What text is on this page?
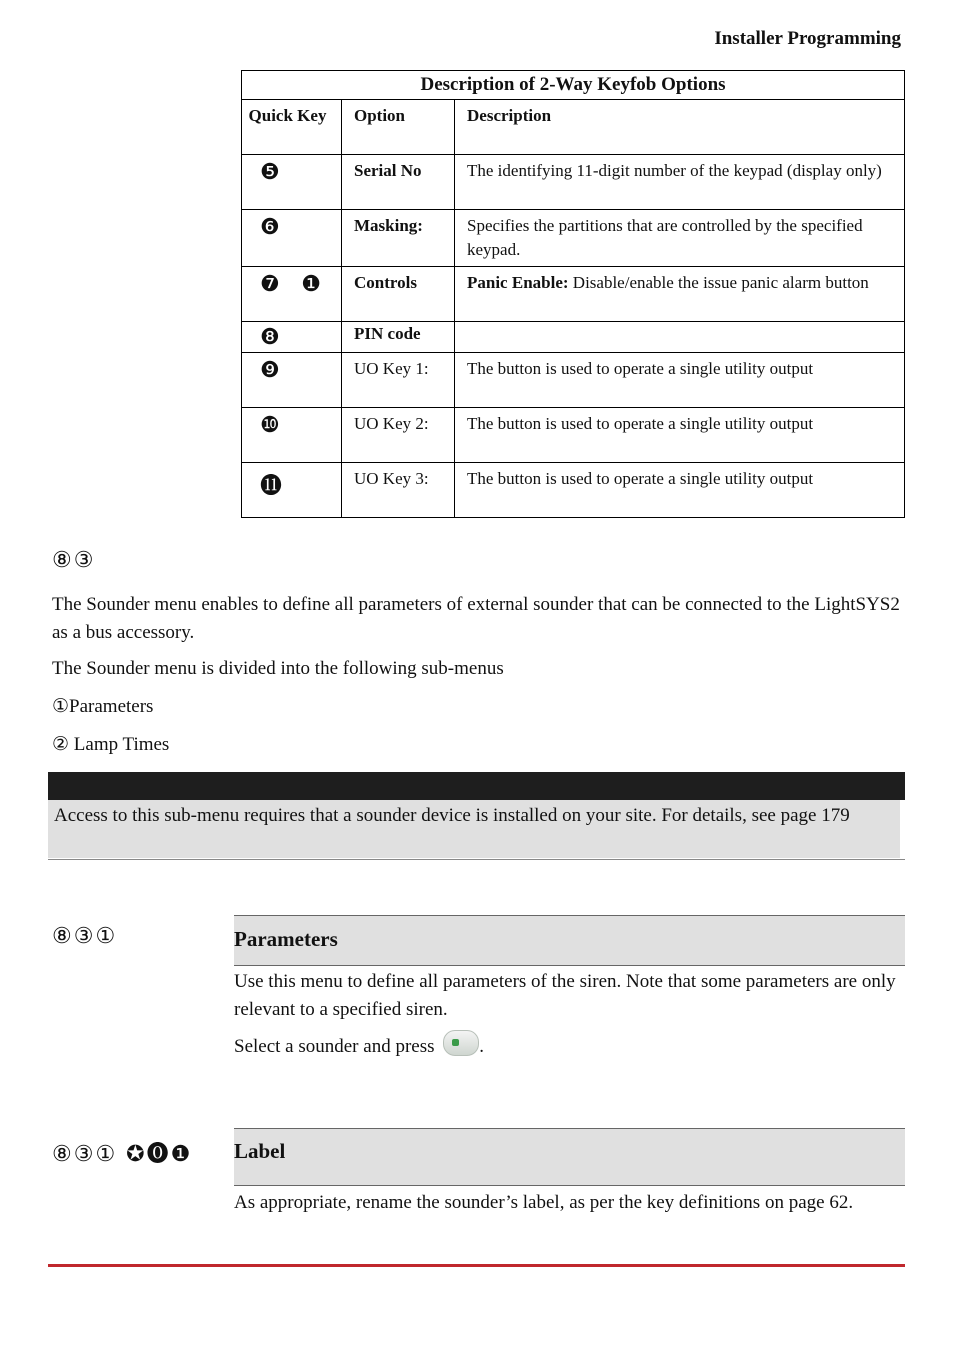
Installer Programming
Description of 2-Way Keyfob Options		
Quick Key	Option	Description
❺	Serial No	The identifying 11-digit number of the keypad (display only)
❻	Masking:	Specifies the partitions that are controlled by the specified keypad.
❼ ❶	Controls	Panic Enable: Disable/enable the issue panic alarm button
❽	PIN code	
❾	UO Key 1:	The button is used to operate a single utility output
❿	UO Key 2:	The button is used to operate a single utility output
⓫	UO Key 3:	The button is used to operate a single utility output
⑧③
The Sounder menu enables to define all parameters of external sounder that can be connected to the LightSYS2 as a bus accessory.
The Sounder menu is divided into the following sub-menus
①Parameters
② Lamp Times
Access to this sub-menu requires that a sounder device is installed on your site. For details, see page 179
⑧③①	Parameters
Use this menu to define all parameters of the siren. Note that some parameters are only relevant to a specified siren.
Select a sounder and press .
⑧③① ✪⓿❶ Label
As appropriate, rename the sounder’s label, as per the key definitions on page 62.
